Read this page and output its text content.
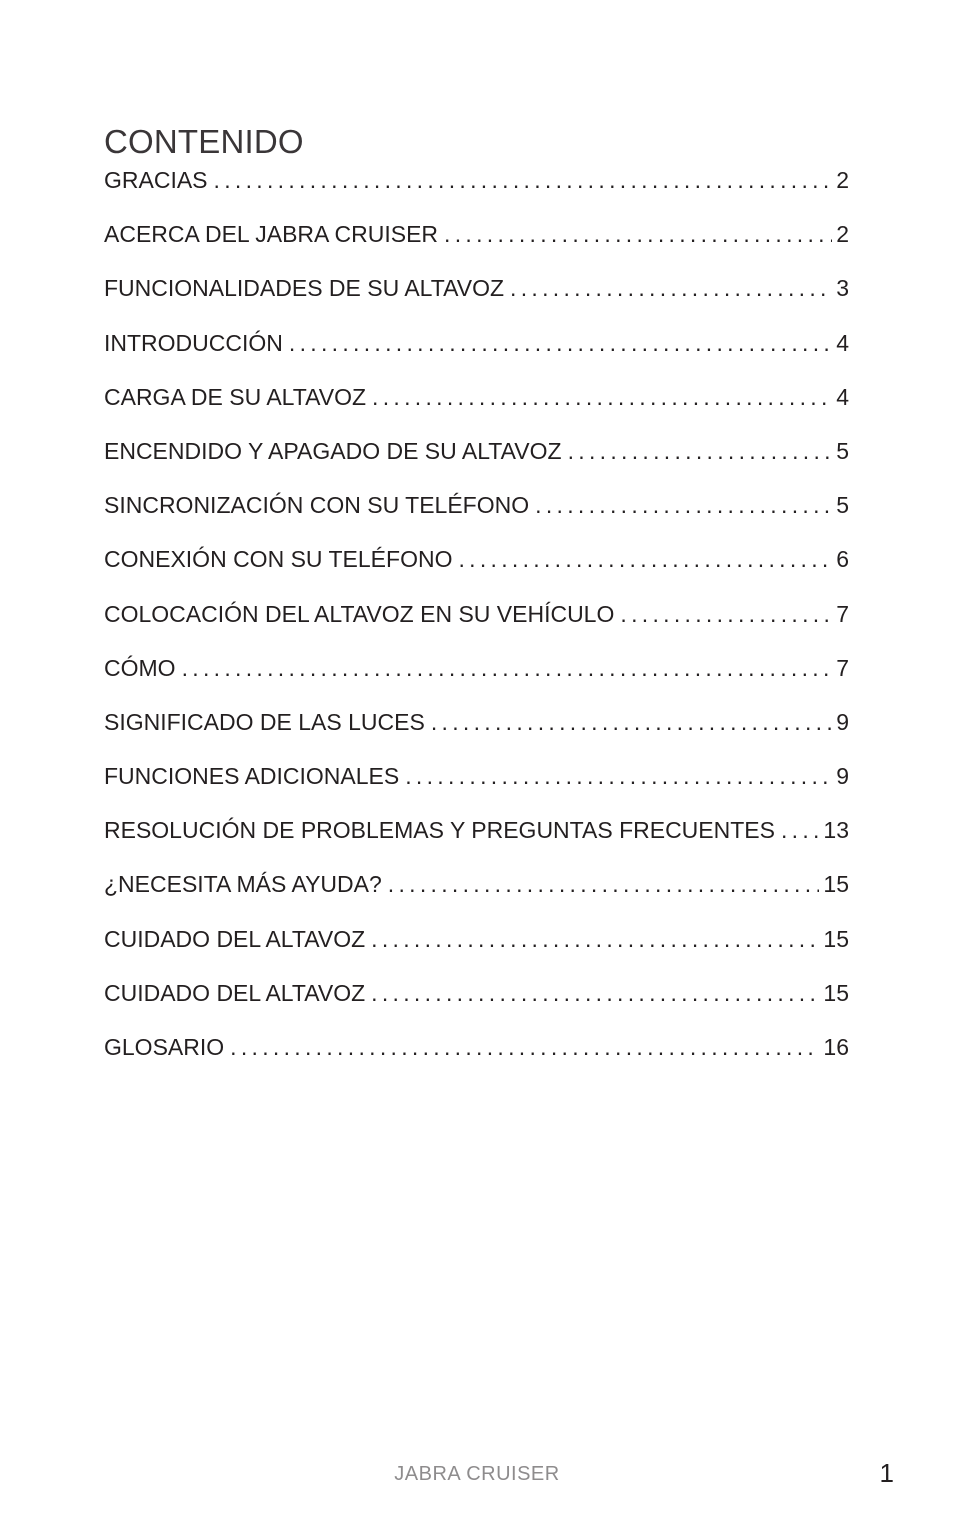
CONTENIDO
GRACIAS .....	2
ACERCA DEL JABRA CRUISER .....	2
FUNCIONALIDADES DE SU ALTAVOZ .....	3
INTRODUCCIÓN .....	4
CARGA DE SU ALTAVOZ .....	4
ENCENDIDO Y APAGADO DE SU ALTAVOZ .....	5
SINCRONIZACIÓN CON SU TELÉFONO .....	5
CONEXIÓN CON SU TELÉFONO .....	6
COLOCACIÓN DEL ALTAVOZ EN SU VEHÍCULO .....	7
CÓMO .....	7
SIGNIFICADO DE LAS LUCES .....	9
FUNCIONES ADICIONALES .....	9
RESOLUCIÓN DE PROBLEMAS Y PREGUNTAS FRECUENTES ..... 13
¿NECESITA MÁS AYUDA? .....	15
CUIDADO DEL ALTAVOZ .....	15
CUIDADO DEL ALTAVOZ .....	15
GLOSARIO .....	16
JABRA CRUISER	1
